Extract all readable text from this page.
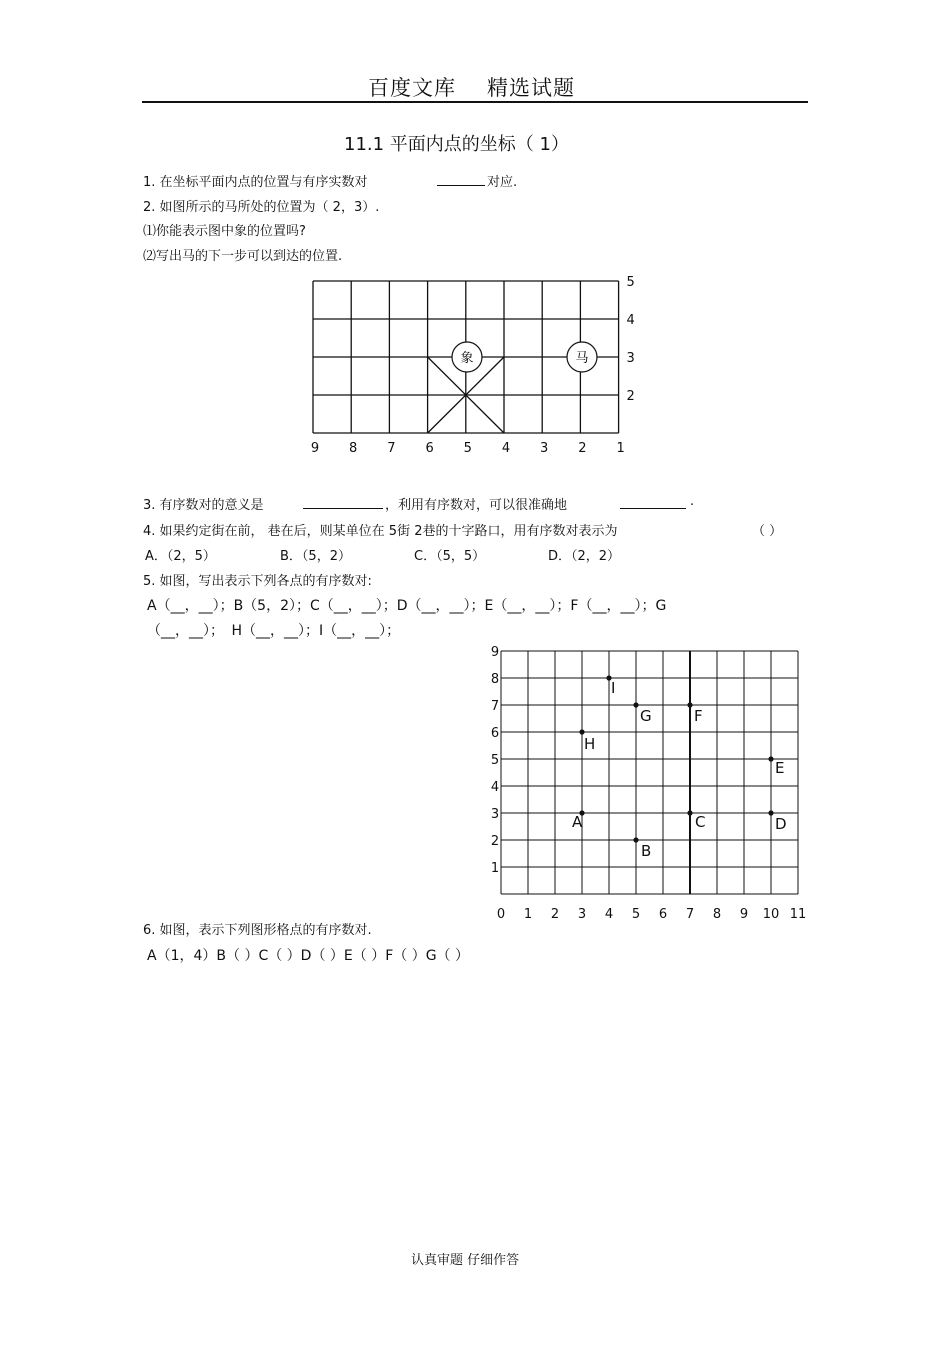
百度文库 精选试题
11.1 平面内点的坐标（ 1）
1. 在坐标平面内点的位置与有序实数对	对应.
2. 如图所示的马所处的位置为（ 2，3）.
⑴你能表示图中象的位置吗?
⑵写出马的下一步可以到达的位置.
9 8 7 6 5 4 3 2 1
5
4
3
2
象	马
3. 有序数对的意义是	，利用有序数对，可以很准确地	.
4. 如果约定街在前， 巷在后，则某单位在 5街 2巷的十字路口，用有序数对表示为	（ ）
A．（2，5）	B．（5，2）	C．（5，5）	D．（2，2）
5. 如图，写出表示下列各点的有序数对:
A（__，__）；B（5，2）；C（__，__）；D（__，__）；E（__，__）；F（__，__）；G
（__，__）； H（__，__）；I（__，__）；
0 1 2 3 4 5 6 7 8 9 10 11
1
2
3
4
5
6
7
8
9
A
B
C	D
E
F
G
H
I
6. 如图，表示下列图形格点的有序数对.
A（1，4）B（ ）C（ ）D（ ）E（ ）F（ ）G（ ）
认真审题 仔细作答
